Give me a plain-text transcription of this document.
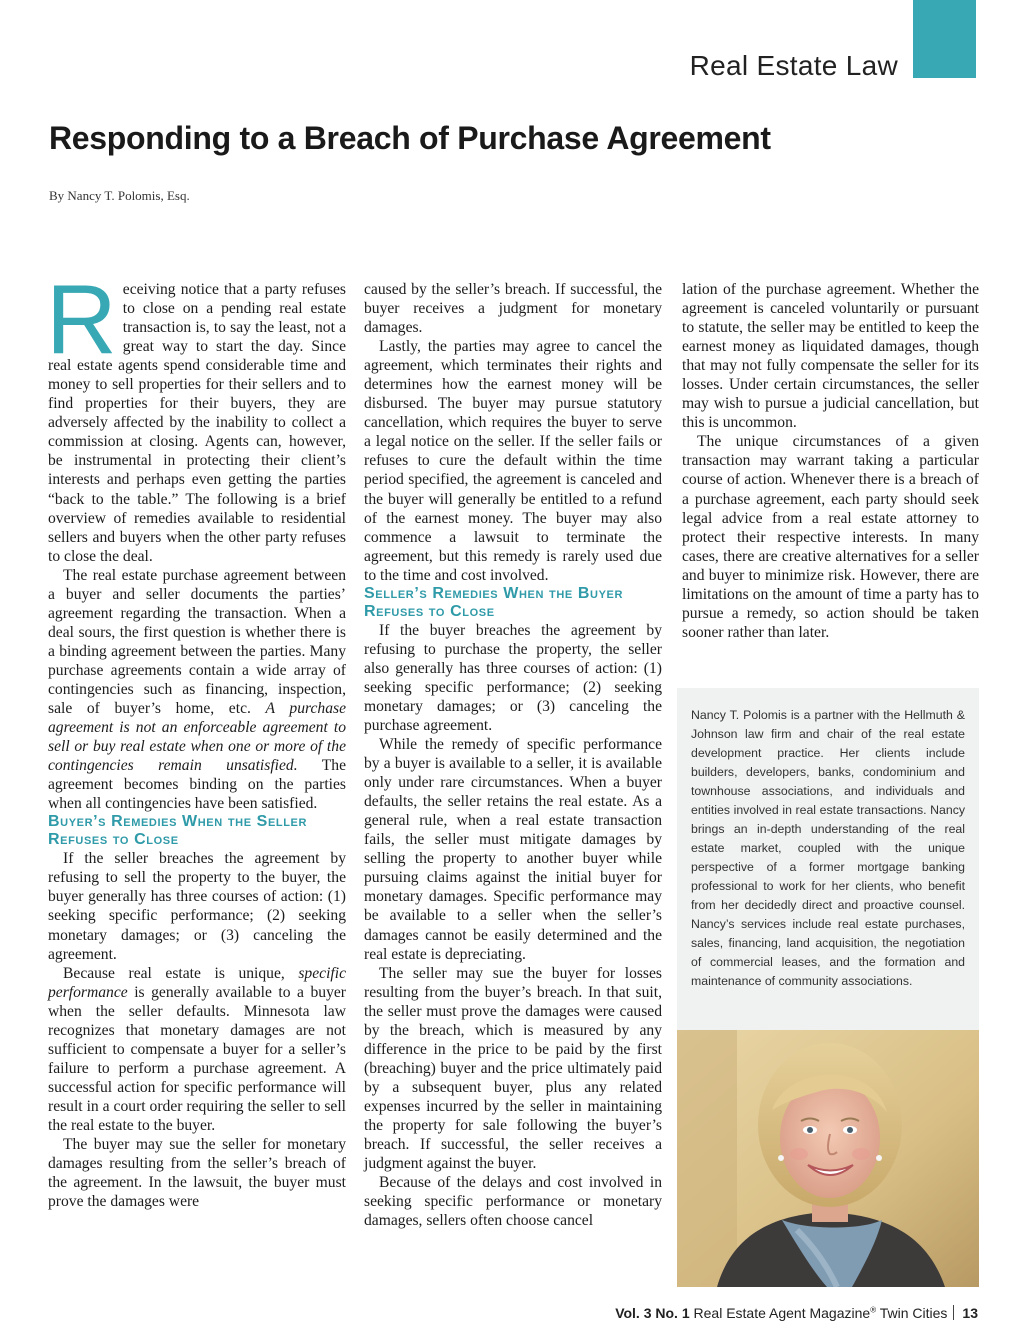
Real Estate Law
Responding to a Breach of Purchase Agreement
By Nancy T. Polomis, Esq.

Receiving notice that a party refuses to close on a pending real estate transaction is, to say the least, not a great way to start the day. Since real estate agents spend considerable time and money to sell properties for their sellers and to find properties for their buyers, they are adversely affected by the inability to collect a commission at closing. Agents can, however, be instrumental in protecting their client’s interests and perhaps even getting the parties “back to the table.” The following is a brief overview of remedies available to residential sellers and buyers when the other party refuses to close the deal.

The real estate purchase agreement between a buyer and seller documents the parties’ agreement regarding the transaction. When a deal sours, the first question is whether there is a binding agreement between the parties. Many purchase agreements contain a wide array of contingencies such as financing, inspection, sale of buyer’s home, etc. A purchase agreement is not an enforceable agreement to sell or buy real estate when one or more of the contingencies remain unsatisfied. The agreement becomes binding on the parties when all contingencies have been satisfied.

Buyer’s Remedies When the Seller Refuses to Close

If the seller breaches the agreement by refusing to sell the property to the buyer, the buyer generally has three courses of action: (1) seeking specific performance; (2) seeking monetary damages; or (3) canceling the agreement.

Because real estate is unique, specific performance is generally available to a buyer when the seller defaults. Minnesota law recognizes that monetary damages are not sufficient to compensate a buyer for a seller’s failure to perform a purchase agreement. A successful action for specific performance will result in a court order requiring the seller to sell the real estate to the buyer.

The buyer may sue the seller for monetary damages resulting from the seller’s breach of the agreement. In the lawsuit, the buyer must prove the damages were

caused by the seller’s breach. If successful, the buyer receives a judgment for monetary damages.

Lastly, the parties may agree to cancel the agreement, which terminates their rights and determines how the earnest money will be disbursed. The buyer may pursue statutory cancellation, which requires the buyer to serve a legal notice on the seller. If the seller fails or refuses to cure the default within the time period specified, the agreement is canceled and the buyer will generally be entitled to a refund of the earnest money. The buyer may also commence a lawsuit to terminate the agreement, but this remedy is rarely used due to the time and cost involved.

Seller’s Remedies When the Buyer Refuses to Close

If the buyer breaches the agreement by refusing to purchase the property, the seller also generally has three courses of action: (1) seeking specific performance; (2) seeking monetary damages; or (3) canceling the purchase agreement.

While the remedy of specific performance by a buyer is available to a seller, it is available only under rare circumstances. When a buyer defaults, the seller retains the real estate. As a general rule, when a real estate transaction fails, the seller must mitigate damages by selling the property to another buyer while pursuing claims against the initial buyer for monetary damages. Specific performance may be available to a seller when the seller’s damages cannot be easily determined and the real estate is depreciating.

The seller may sue the buyer for losses resulting from the buyer’s breach. In that suit, the seller must prove the damages were caused by the breach, which is measured by any difference in the price to be paid by the first (breaching) buyer and the price ultimately paid by a subsequent buyer, plus any related expenses incurred by the seller in maintaining the property for sale following the buyer’s breach. If successful, the seller receives a judgment against the buyer.

Because of the delays and cost involved in seeking specific performance or monetary damages, sellers often choose cancel

lation of the purchase agreement. Whether the agreement is canceled voluntarily or pursuant to statute, the seller may be entitled to keep the earnest money as liquidated damages, though that may not fully compensate the seller for its losses. Under certain circumstances, the seller may wish to pursue a judicial cancellation, but this is uncommon.

The unique circumstances of a given transaction may warrant taking a particular course of action. Whenever there is a breach of a purchase agreement, each party should seek legal advice from a real estate attorney to protect their respective interests. In many cases, there are creative alternatives for a seller and buyer to minimize risk. However, there are limitations on the amount of time a party has to pursue a remedy, so action should be taken sooner rather than later.

Nancy T. Polomis is a partner with the Hellmuth & Johnson law firm and chair of the real estate development practice. Her clients include builders, developers, banks, condominium and townhouse associations, and individuals and entities involved in real estate transactions. Nancy brings an in-depth understanding of the real estate market, coupled with the unique perspective of a former mortgage banking professional to work for her clients, who benefit from her decidedly direct and proactive counsel. Nancy’s services include real estate purchases, sales, financing, land acquisition, the negotiation of commercial leases, and the formation and maintenance of community associations.
Vol. 3 No. 1 Real Estate Agent Magazine® Twin Cities 13
